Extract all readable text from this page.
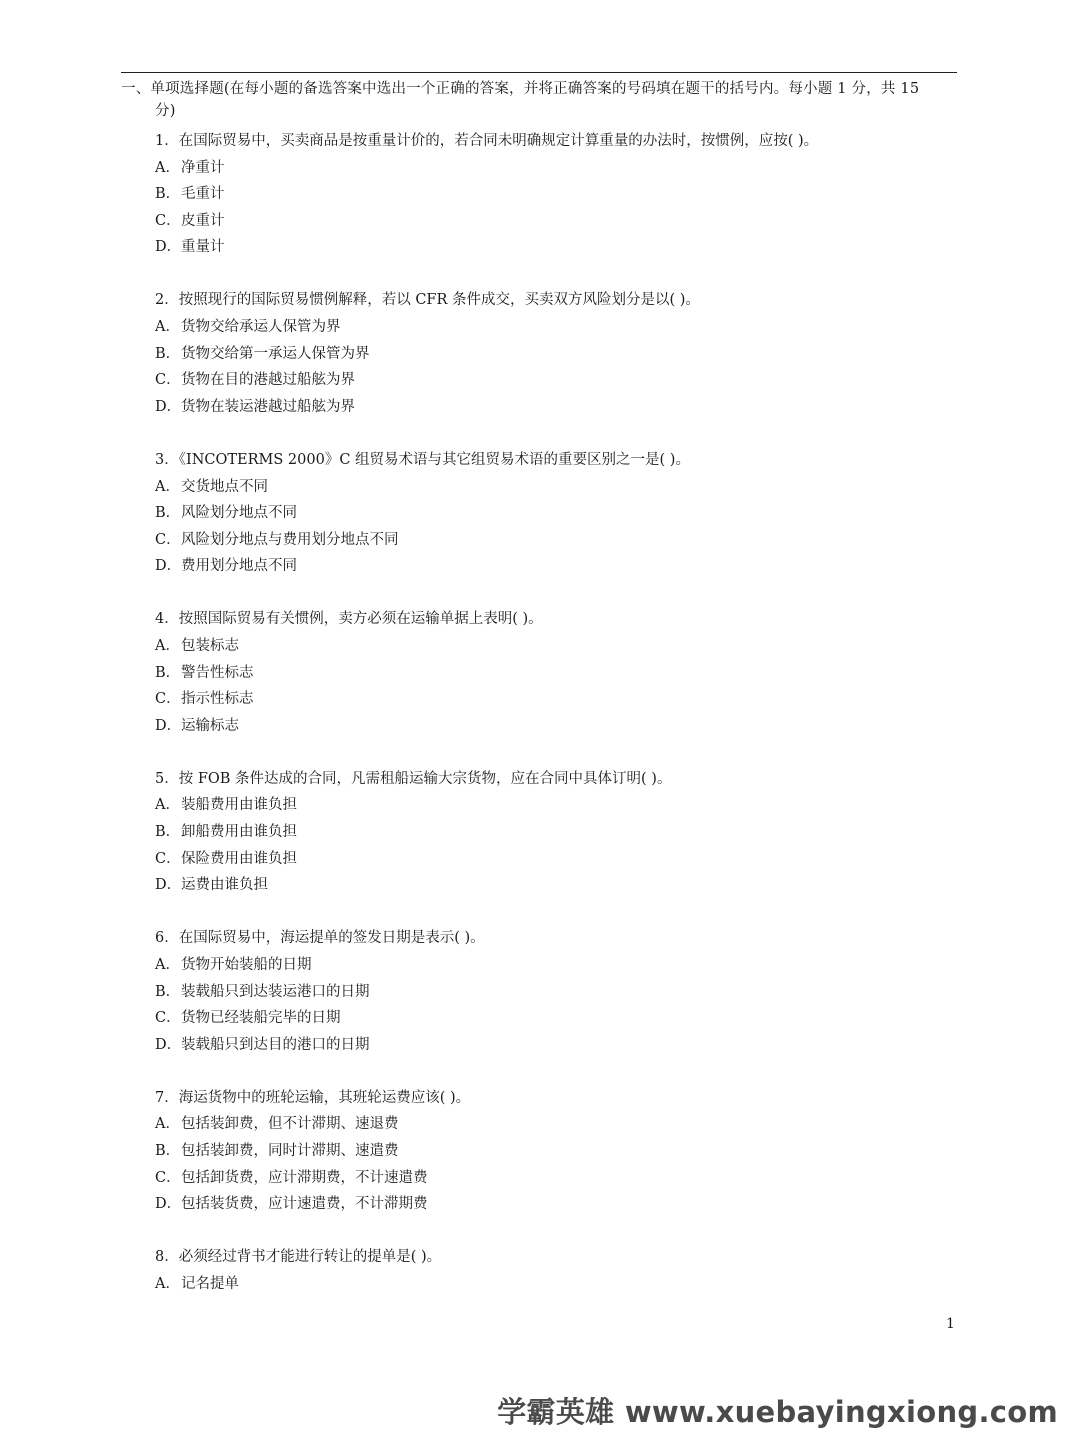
一、单项选择题(在每小题的备选答案中选出一个正确的答案，并将正确答案的号码填在题干的括号内。每小题 1 分，共 15
分)
1．在国际贸易中，买卖商品是按重量计价的，若合同未明确规定计算重量的办法时，按惯例，应按( )。
A．净重计
B．毛重计
C．皮重计
D．重量计
2．按照现行的国际贸易惯例解释，若以 CFR 条件成交，买卖双方风险划分是以( )。
A．货物交给承运人保管为界
B．货物交给第一承运人保管为界
C．货物在目的港越过船舷为界
D．货物在装运港越过船舷为界
3．《INCOTERMS 2000》C 组贸易术语与其它组贸易术语的重要区别之一是( )。
A．交货地点不同
B．风险划分地点不同
C．风险划分地点与费用划分地点不同
D．费用划分地点不同
4．按照国际贸易有关惯例，卖方必须在运输单据上表明( )。
A．包装标志
B．警告性标志
C．指示性标志
D．运输标志
5．按 FOB 条件达成的合同，凡需租船运输大宗货物，应在合同中具体订明( )。
A．装船费用由谁负担
B．卸船费用由谁负担
C．保险费用由谁负担
D．运费由谁负担
6．在国际贸易中，海运提单的签发日期是表示( )。
A．货物开始装船的日期
B．装载船只到达装运港口的日期
C．货物已经装船完毕的日期
D．装载船只到达目的港口的日期
7．海运货物中的班轮运输，其班轮运费应该( )。
A．包括装卸费，但不计滞期、速退费
B．包括装卸费，同时计滞期、速遣费
C．包括卸货费，应计滞期费，不计速遣费
D．包括装货费，应计速遣费，不计滞期费
8．必须经过背书才能进行转让的提单是( )。
A．记名提单
1
学霸英雄 www.xuebayingxiong.com
